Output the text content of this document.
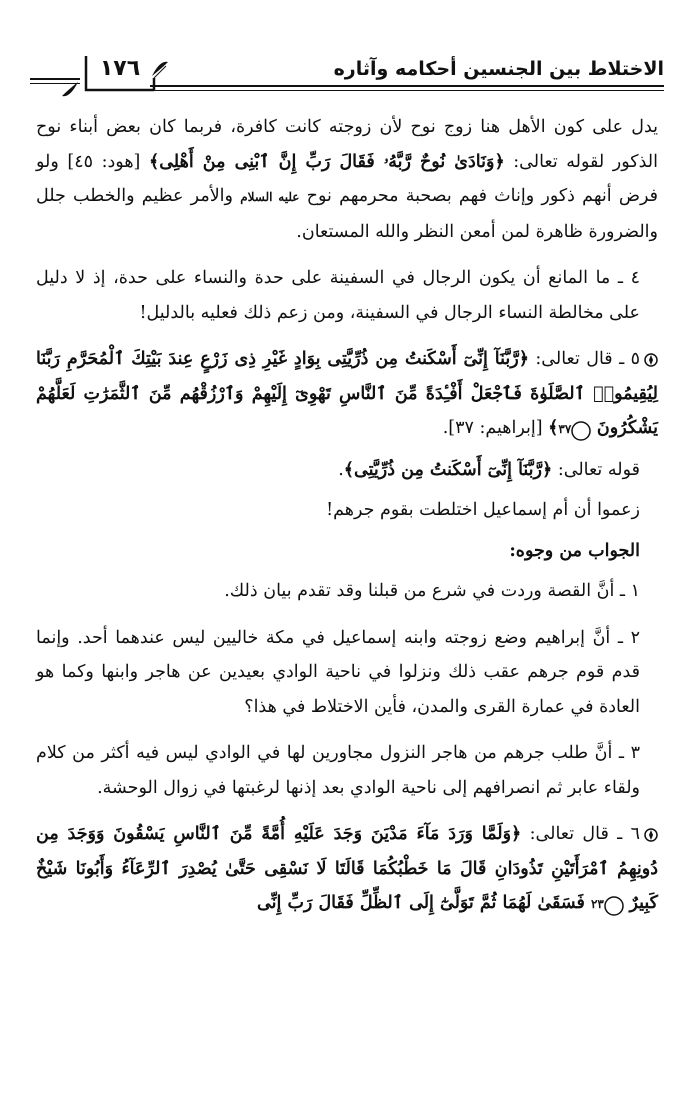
الاختلاط بين الجنسين أحكامه وآثاره
١٧٦

يدل على كون الأهل هنا زوج نوح لأن زوجته كانت كافرة، فربما كان بعض أبناء نوح الذكور لقوله تعالى: ﴿وَنَادَىٰ نُوحٌ رَّبَّهُۥ فَقَالَ رَبِّ إِنَّ ٱبْنِى مِنْ أَهْلِى﴾ [هود: ٤٥] ولو فرض أنهم ذكور وإناث فهم بصحبة محرمهم نوح عليه السلام والأمر عظيم والخطب جلل والضرورة ظاهرة لمن أمعن النظر والله المستعان.

٤ ـ ما المانع أن يكون الرجال في السفينة على حدة والنساء على حدة، إذ لا دليل على مخالطة النساء الرجال في السفينة، ومن زعم ذلك فعليه بالدليل!

٥ ـ قال تعالى: ﴿رَّبَّنَآ إِنِّىٓ أَسْكَنتُ مِن ذُرِّيَّتِى بِوَادٍ غَيْرِ ذِى زَرْعٍ عِندَ بَيْتِكَ ٱلْمُحَرَّمِ رَبَّنَا لِيُقِيمُوا۟ ٱلصَّلَوٰةَ فَٱجْعَلْ أَفْـِٔدَةً مِّنَ ٱلنَّاسِ تَهْوِىٓ إِلَيْهِمْ وَٱرْزُقْهُم مِّنَ ٱلثَّمَرَٰتِ لَعَلَّهُمْ يَشْكُرُونَ ٣٧﴾ [إبراهيم: ٣٧].

قوله تعالى: ﴿رَّبَّنَآ إِنِّىٓ أَسْكَنتُ مِن ذُرِّيَّتِى﴾.

زعموا أن أم إسماعيل اختلطت بقوم جرهم!

الجواب من وجوه:

١ ـ أنَّ القصة وردت في شرع من قبلنا وقد تقدم بيان ذلك.

٢ ـ أنَّ إبراهيم وضع زوجته وابنه إسماعيل في مكة خاليين ليس عندهما أحد. وإنما قدم قوم جرهم عقب ذلك ونزلوا في ناحية الوادي بعيدين عن هاجر وابنها وكما هو العادة في عمارة القرى والمدن، فأين الاختلاط في هذا؟

٣ ـ أنَّ طلب جرهم من هاجر النزول مجاورين لها في الوادي ليس فيه أكثر من كلام ولقاء عابر ثم انصرافهم إلى ناحية الوادي بعد إذنها لرغبتها في زوال الوحشة.

٦ ـ قال تعالى: ﴿وَلَمَّا وَرَدَ مَآءَ مَدْيَنَ وَجَدَ عَلَيْهِ أُمَّةً مِّنَ ٱلنَّاسِ يَسْقُونَ وَوَجَدَ مِن دُونِهِمُ ٱمْرَأَتَيْنِ تَذُودَانِ قَالَ مَا خَطْبُكُمَا قَالَتَا لَا نَسْقِى حَتَّىٰ يُصْدِرَ ٱلرِّعَآءُ وَأَبُونَا شَيْخٌ كَبِيرٌ ٢٣ فَسَقَىٰ لَهُمَا ثُمَّ تَوَلَّىٰٓ إِلَى ٱلظِّلِّ فَقَالَ رَبِّ إِنِّى
